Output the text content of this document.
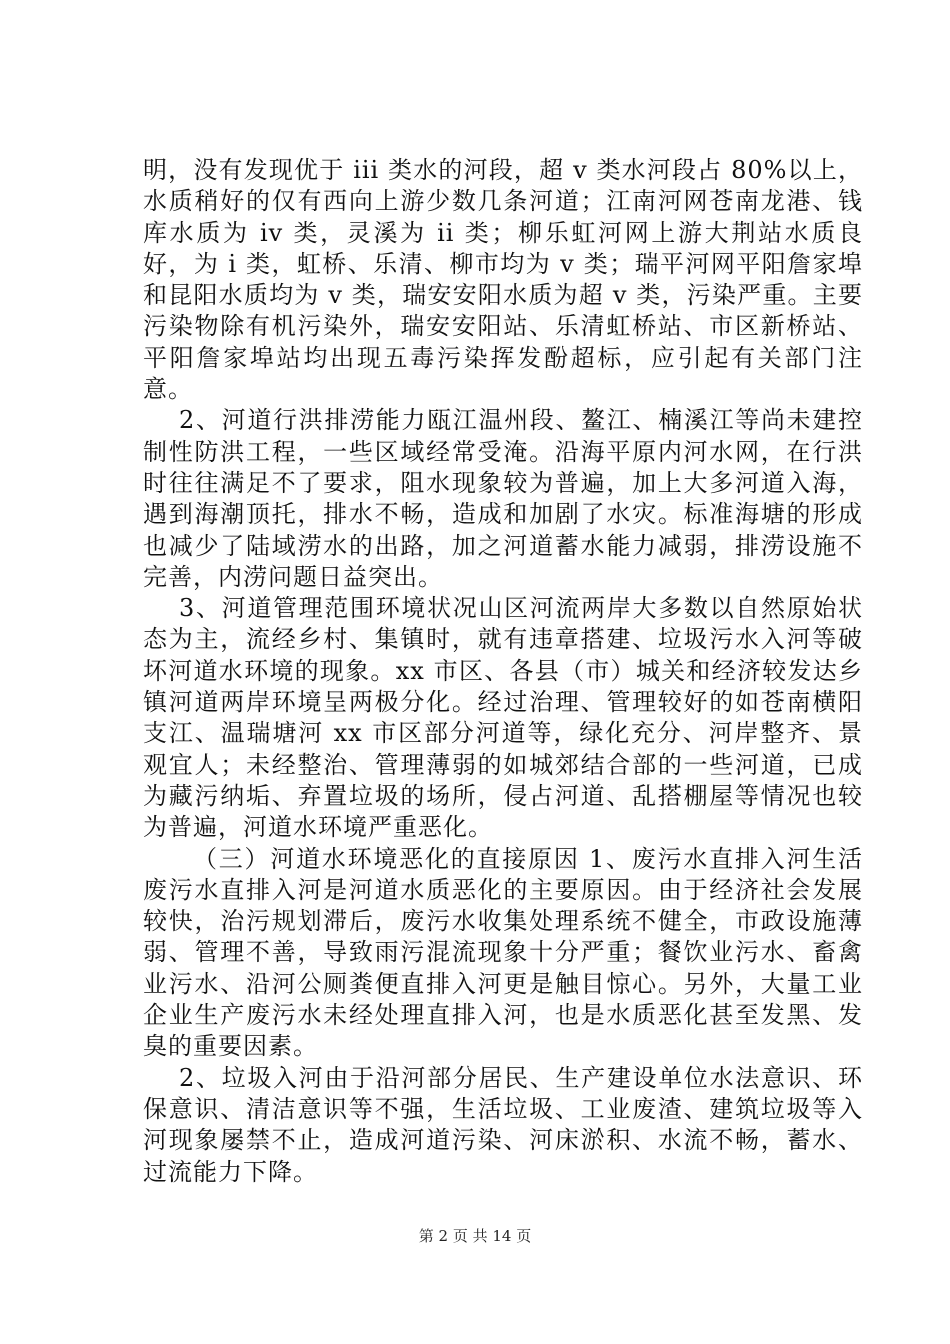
明，没有发现优于 iii 类水的河段，超 v 类水河段占 80%以上，水质稍好的仅有西向上游少数几条河道；江南河网苍南龙港、钱库水质为 iv 类，灵溪为 ii 类；柳乐虹河网上游大荆站水质良好，为 i 类，虹桥、乐清、柳市均为 v 类；瑞平河网平阳詹家埠和昆阳水质均为 v 类，瑞安安阳水质为超 v 类，污染严重。主要污染物除有机污染外，瑞安安阳站、乐清虹桥站、市区新桥站、平阳詹家埠站均出现五毒污染挥发酚超标，应引起有关部门注意。

2、河道行洪排涝能力瓯江温州段、鳌江、楠溪江等尚未建控制性防洪工程，一些区域经常受淹。沿海平原内河水网，在行洪时往往满足不了要求，阻水现象较为普遍，加上大多河道入海，遇到海潮顶托，排水不畅，造成和加剧了水灾。标准海塘的形成也减少了陆域涝水的出路，加之河道蓄水能力减弱，排涝设施不完善，内涝问题日益突出。

3、河道管理范围环境状况山区河流两岸大多数以自然原始状态为主，流经乡村、集镇时，就有违章搭建、垃圾污水入河等破坏河道水环境的现象。xx 市区、各县（市）城关和经济较发达乡镇河道两岸环境呈两极分化。经过治理、管理较好的如苍南横阳支江、温瑞塘河 xx 市区部分河道等，绿化充分、河岸整齐、景观宜人；未经整治、管理薄弱的如城郊结合部的一些河道，已成为藏污纳垢、弃置垃圾的场所，侵占河道、乱搭棚屋等情况也较为普遍，河道水环境严重恶化。

（三）河道水环境恶化的直接原因 1、废污水直排入河生活废污水直排入河是河道水质恶化的主要原因。由于经济社会发展较快，治污规划滞后，废污水收集处理系统不健全，市政设施薄弱、管理不善，导致雨污混流现象十分严重；餐饮业污水、畜禽业污水、沿河公厕粪便直排入河更是触目惊心。另外，大量工业企业生产废污水未经处理直排入河，也是水质恶化甚至发黑、发臭的重要因素。

2、垃圾入河由于沿河部分居民、生产建设单位水法意识、环保意识、清洁意识等不强，生活垃圾、工业废渣、建筑垃圾等入河现象屡禁不止，造成河道污染、河床淤积、水流不畅，蓄水、过流能力下降。

第 2 页 共 14 页
